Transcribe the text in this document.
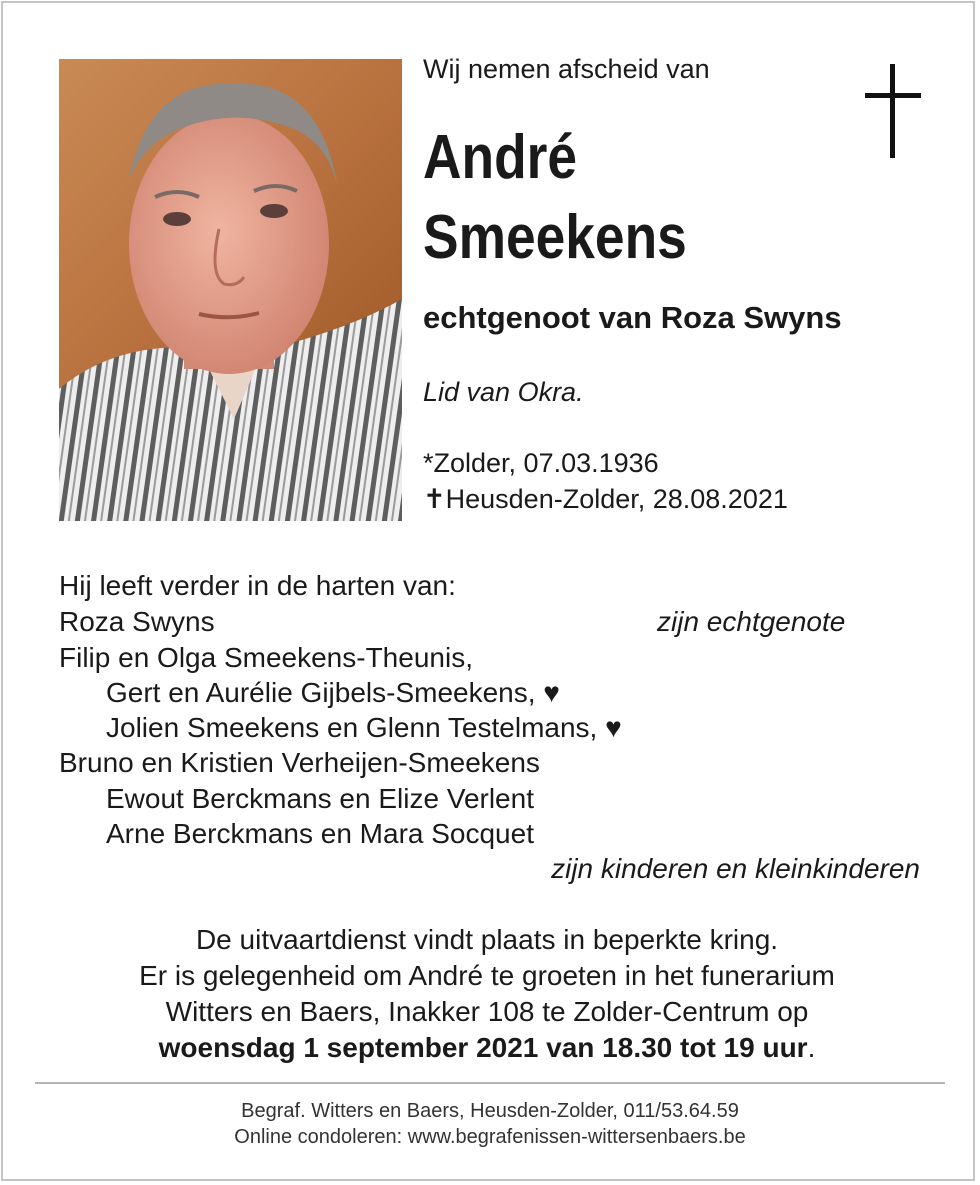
Wij nemen afscheid van

André
Smeekens

echtgenoot van Roza Swyns

Lid van Okra.

*Zolder, 07.03.1936

✝Heusden-Zolder, 28.08.2021

Hij leeft verder in de harten van:

Roza Swyns	zijn echtgenote

Filip en Olga Smeekens-Theunis,

Gert en Aurélie Gijbels-Smeekens, ♥

Jolien Smeekens en Glenn Testelmans, ♥

Bruno en Kristien Verheijen-Smeekens

Ewout Berckmans en Elize Verlent

Arne Berckmans en Mara Socquet

zijn kinderen en kleinkinderen

De uitvaartdienst vindt plaats in beperkte kring.

Er is gelegenheid om André te groeten in het funerarium

Witters en Baers, Inakker 108 te Zolder-Centrum op

woensdag 1 september 2021 van 18.30 tot 19 uur.

Begraf. Witters en Baers, Heusden-Zolder, 011/53.64.59

Online condoleren: www.begrafenissen-wittersenbaers.be
